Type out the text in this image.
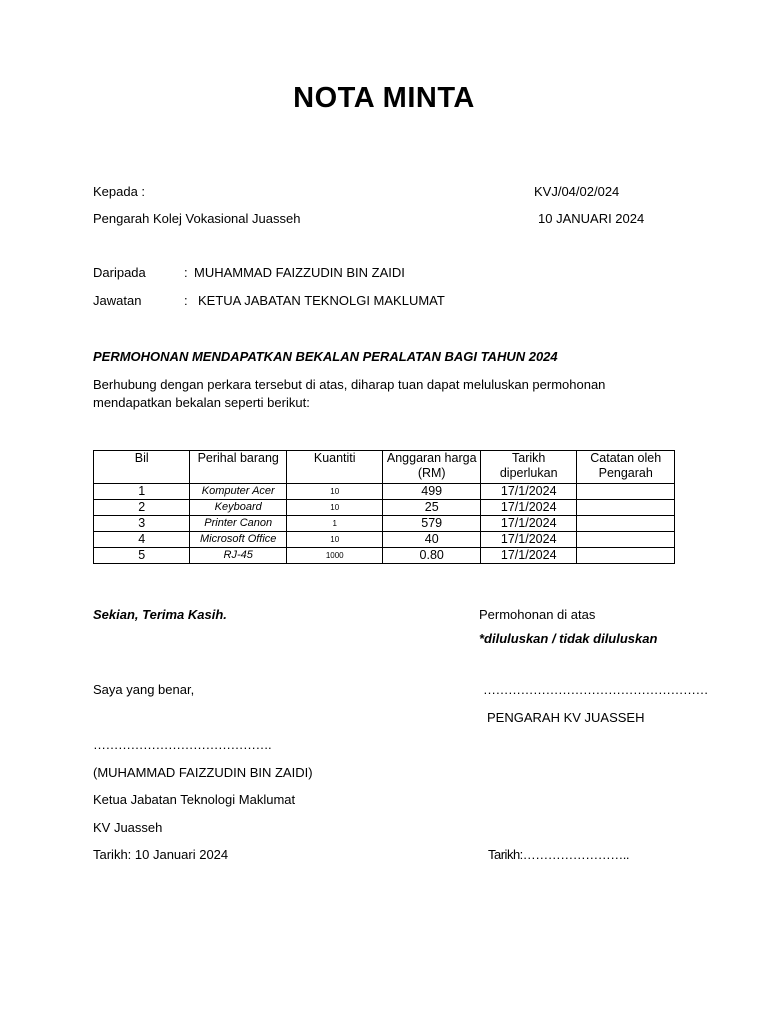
NOTA MINTA
Kepada :	KVJ/04/02/024
Pengarah Kolej Vokasional Juasseh	10 JANUARI 2024
Daripada	: MUHAMMAD FAIZZUDIN BIN ZAIDI
Jawatan	: KETUA JABATAN TEKNOLGI MAKLUMAT
PERMOHONAN MENDAPATKAN BEKALAN PERALATAN BAGI TAHUN 2024
Berhubung dengan perkara tersebut di atas, diharap tuan dapat meluluskan permohonan
mendapatkan bekalan seperti berikut:
Bil	Perihal barang	Kuantiti	Anggaran harga (RM)	Tarikh diperlukan	Catatan oleh Pengarah
1	Komputer Acer	10	499	17/1/2024	
2	Keyboard	10	25	17/1/2024	
3	Printer Canon	1	579	17/1/2024	
4	Microsoft Office	10	40	17/1/2024	
5	RJ-45	1000	0.80	17/1/2024	
Sekian, Terima Kasih.	Permohonan di atas
*diluluskan / tidak diluluskan
Saya yang benar,	………………………………………………
PENGARAH KV JUASSEH
…………………………………….
(MUHAMMAD FAIZZUDIN BIN ZAIDI)
Ketua Jabatan Teknologi Maklumat
KV Juasseh
Tarikh: 10 Januari 2024	Tarikh:……………………..
